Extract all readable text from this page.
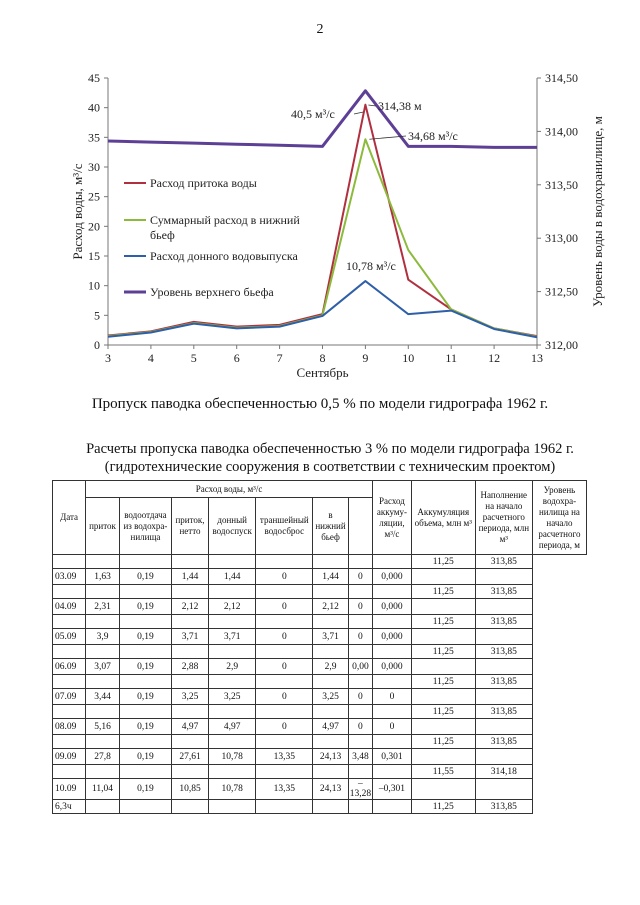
2
3	4	5	6	7	8	9	10	11	12	13
0
5
10
15
20
25
30
35
40
45
312,00
312,50
313,00
313,50
314,00
314,50
Расход притока воды
Суммарный расход в нижний
бьеф
Расход донного водовыпуска
Уровень верхнего бьефа
40,5 м³/с
314,38 м
34,68 м³/с
10,78 м³/с
Сентябрь
Расход воды, м³/с	Уровень воды в водохранилище, м
Пропуск паводка обеспеченностью 0,5 % по модели гидрографа 1962 г.
Расчеты пропуска паводка обеспеченностью 3 % по модели гидрографа 1962 г.
(гидротехнические сооружения в соответствии с техническим проектом)
Дата	Расход воды, м³/с							Расход аккуму-ляции, м³/с	Аккумуляция объема, млн м³	Наполнение на начало расчетного периода, млн м³	Уровень водохра-нилища на начало расчетного периода, м
	приток	водоотдача из водохра-нилища	приток, нетто	донный водоспуск	траншейный водосброс	в нижний бьеф					
									11,25	313,85	
03.09	1,63	0,19	1,44	1,44	0	1,44	0	0,000			
									11,25	313,85	
04.09	2,31	0,19	2,12	2,12	0	2,12	0	0,000			
									11,25	313,85	
05.09	3,9	0,19	3,71	3,71	0	3,71	0	0,000			
									11,25	313,85	
06.09	3,07	0,19	2,88	2,9	0	2,9	0,00	0,000			
									11,25	313,85	
07.09	3,44	0,19	3,25	3,25	0	3,25	0	0			
									11,25	313,85	
08.09	5,16	0,19	4,97	4,97	0	4,97	0	0			
									11,25	313,85	
09.09	27,8	0,19	27,61	10,78	13,35	24,13	3,48	0,301			
									11,55	314,18	
10.09	11,04	0,19	10,85	10,78	13,35	24,13	–13,28	–0,301			
6,3ч									11,25	313,85	
